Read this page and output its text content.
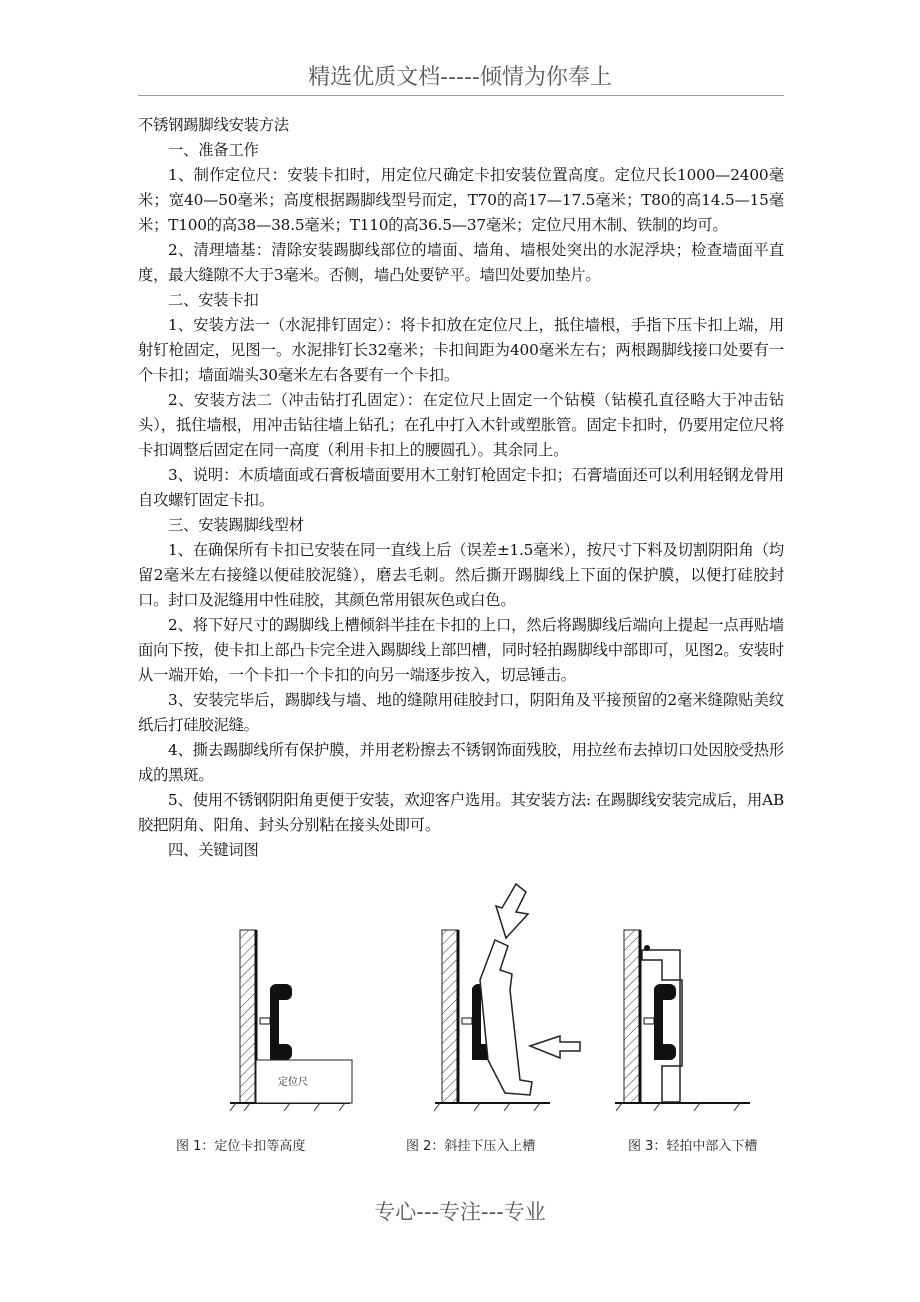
精选优质文档-----倾情为你奉上

不锈钢踢脚线安装方法

一、准备工作

1、制作定位尺：安装卡扣时，用定位尺确定卡扣安装位置高度。定位尺长1000—2400毫米；宽40—50毫米；高度根据踢脚线型号而定，T70的高17—17.5毫米；T80的高14.5—15毫米；T100的高38—38.5毫米；T110的高36.5—37毫米；定位尺用木制、铁制的均可。

2、清理墙基：清除安装踢脚线部位的墙面、墙角、墙根处突出的水泥浮块；检查墙面平直度，最大缝隙不大于3毫米。否侧，墙凸处要铲平。墙凹处要加垫片。

二、安装卡扣

1、安装方法一（水泥排钉固定）：将卡扣放在定位尺上，抵住墙根，手指下压卡扣上端，用射钉枪固定，见图一。水泥排钉长32毫米；卡扣间距为400毫米左右；两根踢脚线接口处要有一个卡扣；墙面端头30毫米左右各要有一个卡扣。

2、安装方法二（冲击钻打孔固定）：在定位尺上固定一个钻模（钻模孔直径略大于冲击钻头），抵住墙根，用冲击钻往墙上钻孔；在孔中打入木针或塑胀管。固定卡扣时，仍要用定位尺将卡扣调整后固定在同一高度（利用卡扣上的腰圆孔）。其余同上。

3、说明：木质墙面或石膏板墙面要用木工射钉枪固定卡扣；石膏墙面还可以利用轻钢龙骨用自攻螺钉固定卡扣。

三、安装踢脚线型材

1、在确保所有卡扣已安装在同一直线上后（误差±1.5毫米），按尺寸下料及切割阴阳角（均留2毫米左右接缝以便硅胶泥缝），磨去毛刺。然后撕开踢脚线上下面的保护膜，以便打硅胶封口。封口及泥缝用中性硅胶，其颜色常用银灰色或白色。

2、将下好尺寸的踢脚线上槽倾斜半挂在卡扣的上口，然后将踢脚线后端向上提起一点再贴墙面向下按，使卡扣上部凸卡完全进入踢脚线上部凹槽，同时轻拍踢脚线中部即可，见图2。安装时从一端开始，一个卡扣一个卡扣的向另一端逐步按入，切忌锤击。

3、安装完毕后，踢脚线与墙、地的缝隙用硅胶封口，阴阳角及平接预留的2毫米缝隙贴美纹纸后打硅胶泥缝。

4、撕去踢脚线所有保护膜，并用老粉擦去不锈钢饰面残胶，用拉丝布去掉切口处因胶受热形成的黑斑。

5、使用不锈钢阴阳角更便于安装，欢迎客户选用。其安装方法: 在踢脚线安装完成后，用AB胶把阴角、阳角、封头分别粘在接头处即可。

四、关键词图

定位尺
图 1：定位卡扣等高度	图 2：斜挂下压入上槽	图 3：轻拍中部入下槽
专心---专注---专业
